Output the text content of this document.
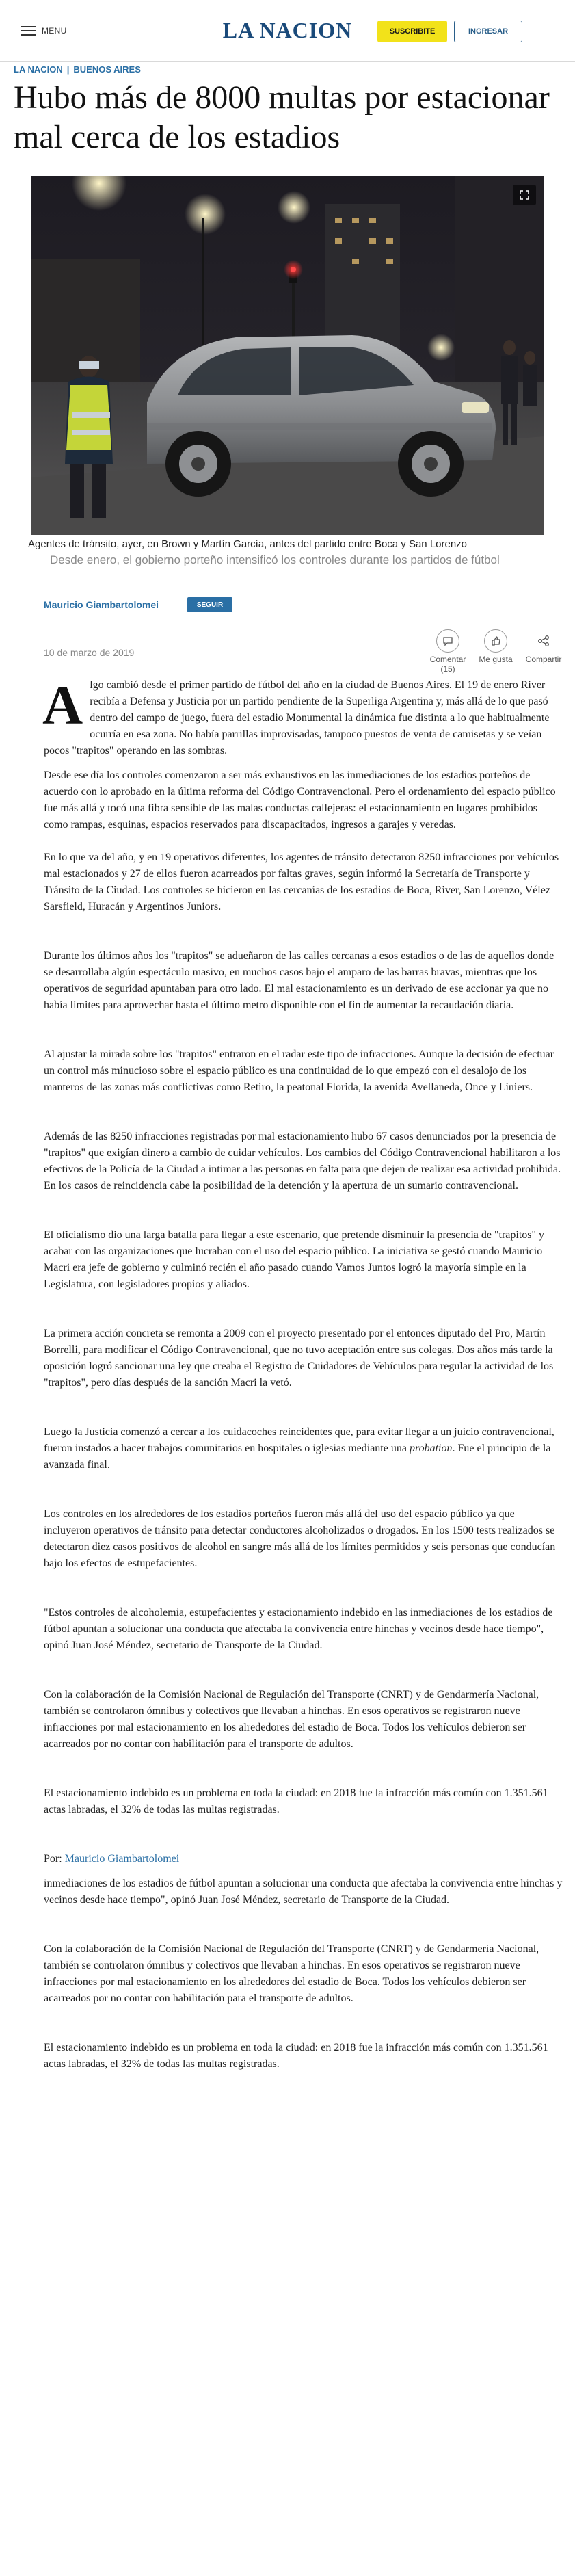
MENU	LA NACION	SUSCRIBITE	INGRESAR
LA NACION | BUENOS AIRES
Hubo más de 8000 multas por estacionar mal cerca de los estadios
Agentes de tránsito, ayer, en Brown y Martín García, antes del partido entre Boca y San Lorenzo
Desde enero, el gobierno porteño intensificó los controles durante los partidos de fútbol
Mauricio Giambartolomei	SEGUIR
10 de marzo de 2019
Comentar
(15)
Me gusta	Compartir
Algo cambió desde el primer partido de fútbol del año en la ciudad de Buenos Aires. El 19 de enero River recibía a Defensa y Justicia por un partido pendiente de la Superliga Argentina y, más allá de lo que pasó dentro del campo de juego, fuera del estadio Monumental la dinámica fue distinta a lo que habitualmente ocurría en esa zona. No había parrillas improvisadas, tampoco puestos de venta de camisetas y se veían pocos "trapitos" operando en las sombras.

Desde ese día los controles comenzaron a ser más exhaustivos en las inmediaciones de los estadios porteños de acuerdo con lo aprobado en la última reforma del Código Contravencional. Pero el ordenamiento del espacio público fue más allá y tocó una fibra sensible de las malas conductas callejeras: el estacionamiento en lugares prohibidos como rampas, esquinas, espacios reservados para discapacitados, ingresos a garajes y veredas.

En lo que va del año, y en 19 operativos diferentes, los agentes de tránsito detectaron 8250 infracciones por vehículos mal estacionados y 27 de ellos fueron acarreados por faltas graves, según informó la Secretaría de Transporte y Tránsito de la Ciudad. Los controles se hicieron en las cercanías de los estadios de Boca, River, San Lorenzo, Vélez Sarsfield, Huracán y Argentinos Juniors.

Durante los últimos años los "trapitos" se adueñaron de las calles cercanas a esos estadios o de las de aquellos donde se desarrollaba algún espectáculo masivo, en muchos casos bajo el amparo de las barras bravas, mientras que los operativos de seguridad apuntaban para otro lado. El mal estacionamiento es un derivado de ese accionar ya que no había límites para aprovechar hasta el último metro disponible con el fin de aumentar la recaudación diaria.

Al ajustar la mirada sobre los "trapitos" entraron en el radar este tipo de infracciones. Aunque la decisión de efectuar un control más minucioso sobre el espacio público es una continuidad de lo que empezó con el desalojo de los manteros de las zonas más conflictivas como Retiro, la peatonal Florida, la avenida Avellaneda, Once y Liniers.

Además de las 8250 infracciones registradas por mal estacionamiento hubo 67 casos denunciados por la presencia de "trapitos" que exigían dinero a cambio de cuidar vehículos. Los cambios del Código Contravencional habilitaron a los efectivos de la Policía de la Ciudad a intimar a las personas en falta para que dejen de realizar esa actividad prohibida. En los casos de reincidencia cabe la posibilidad de la detención y la apertura de un sumario contravencional.

El oficialismo dio una larga batalla para llegar a este escenario, que pretende disminuir la presencia de "trapitos" y acabar con las organizaciones que lucraban con el uso del espacio público. La iniciativa se gestó cuando Mauricio Macri era jefe de gobierno y culminó recién el año pasado cuando Vamos Juntos logró la mayoría simple en la Legislatura, con legisladores propios y aliados.

La primera acción concreta se remonta a 2009 con el proyecto presentado por el entonces diputado del Pro, Martín Borrelli, para modificar el Código Contravencional, que no tuvo aceptación entre sus colegas. Dos años más tarde la oposición logró sancionar una ley que creaba el Registro de Cuidadores de Vehículos para regular la actividad de los "trapitos", pero días después de la sanción Macri la vetó.

Luego la Justicia comenzó a cercar a los cuidacoches reincidentes que, para evitar llegar a un juicio contravencional, fueron instados a hacer trabajos comunitarios en hospitales o iglesias mediante una probation. Fue el principio de la avanzada final.

Los controles en los alrededores de los estadios porteños fueron más allá del uso del espacio público ya que incluyeron operativos de tránsito para detectar conductores alcoholizados o drogados. En los 1500 tests realizados se detectaron diez casos positivos de alcohol en sangre más allá de los límites permitidos y seis personas que conducían bajo los efectos de estupefacientes.

"Estos controles de alcoholemia, estupefacientes y estacionamiento indebido en las inmediaciones de los estadios de fútbol apuntan a solucionar una conducta que afectaba la convivencia entre hinchas y vecinos desde hace tiempo", opinó Juan José Méndez, secretario de Transporte de la Ciudad.

Con la colaboración de la Comisión Nacional de Regulación del Transporte (CNRT) y de Gendarmería Nacional, también se controlaron ómnibus y colectivos que llevaban a hinchas. En esos operativos se registraron nueve infracciones por mal estacionamiento en los alrededores del estadio de Boca. Todos los vehículos debieron ser acarreados por no contar con habilitación para el transporte de adultos.

El estacionamiento indebido es un problema en toda la ciudad: en 2018 fue la infracción más común con 1.351.561 actas labradas, el 32% de todas las multas registradas.

Por: Mauricio Giambartolomei

inmediaciones de los estadios de fútbol apuntan a solucionar una conducta que afectaba la convivencia entre hinchas y vecinos desde hace tiempo", opinó Juan José Méndez, secretario de Transporte de la Ciudad.

Con la colaboración de la Comisión Nacional de Regulación del Transporte (CNRT) y de Gendarmería Nacional, también se controlaron ómnibus y colectivos que llevaban a hinchas. En esos operativos se registraron nueve infracciones por mal estacionamiento en los alrededores del estadio de Boca. Todos los vehículos debieron ser acarreados por no contar con habilitación para el transporte de adultos.

El estacionamiento indebido es un problema en toda la ciudad: en 2018 fue la infracción más común con 1.351.561 actas labradas, el 32% de todas las multas registradas.
